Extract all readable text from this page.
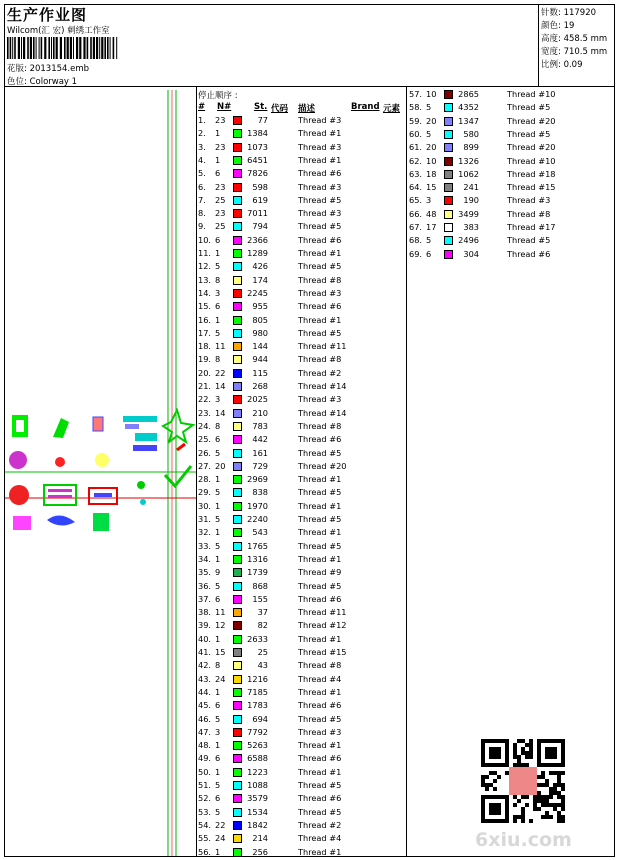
生产作业图
Wilcom(汇 宏) 刺绣工作室
花版: 2013154.emb
色位: Colorway 1
针数: 117920
颜色: 19
高度: 458.5 mm
宽度: 710.5 mm
比例: 0.09
停止顺序 :
# N#	St. 代码 描述	Brand 元素
1. 23	77	Thread #3
2. 1	1384	Thread #1
3. 23	1073	Thread #3
4. 1	6451	Thread #1
5. 6	7826	Thread #6
6. 23	598	Thread #3
7. 25	619	Thread #5
8. 23	7011	Thread #3
9. 25	794	Thread #5
10. 6	2366	Thread #6
11. 1	1289	Thread #1
12. 5	426	Thread #5
13. 8	174	Thread #8
14. 3	2245	Thread #3
15. 6	955	Thread #6
16. 1	805	Thread #1
17. 5	980	Thread #5
18. 11	144	Thread #11
19. 8	944	Thread #8
20. 22	115	Thread #2
21. 14	268	Thread #14
22. 3	2025	Thread #3
23. 14	210	Thread #14
24. 8	783	Thread #8
25. 6	442	Thread #6
26. 5	161	Thread #5
27. 20	729	Thread #20
28. 1	2969	Thread #1
29. 5	838	Thread #5
30. 1	1970	Thread #1
31. 5	2240	Thread #5
32. 1	543	Thread #1
33. 5	1765	Thread #5
34. 1	1316	Thread #1
35. 9	1739	Thread #9
36. 5	868	Thread #5
37. 6	155	Thread #6
38. 11	37	Thread #11
39. 12	82	Thread #12
40. 1	2633	Thread #1
41. 15	25	Thread #15
42. 8	43	Thread #8
43. 24	1216	Thread #4
44. 1	7185	Thread #1
45. 6	1783	Thread #6
46. 5	694	Thread #5
47. 3	7792	Thread #3
48. 1	5263	Thread #1
49. 6	6588	Thread #6
50. 1	1223	Thread #1
51. 5	1088	Thread #5
52. 6	3579	Thread #6
53. 5	1534	Thread #5
54. 22	1842	Thread #2
55. 24	214	Thread #4
56. 1	256	Thread #1
57. 10	2865	Thread #10
58. 5	4352	Thread #5
59. 20	1347	Thread #20
60. 5	580	Thread #5
61. 20	899	Thread #20
62. 10	1326	Thread #10
63. 18	1062	Thread #18
64. 15	241	Thread #15
65. 3	190	Thread #3
66. 48	3499	Thread #8
67. 17	383	Thread #17
68. 5	2496	Thread #5
69. 6	304	Thread #6
6xiu.com
